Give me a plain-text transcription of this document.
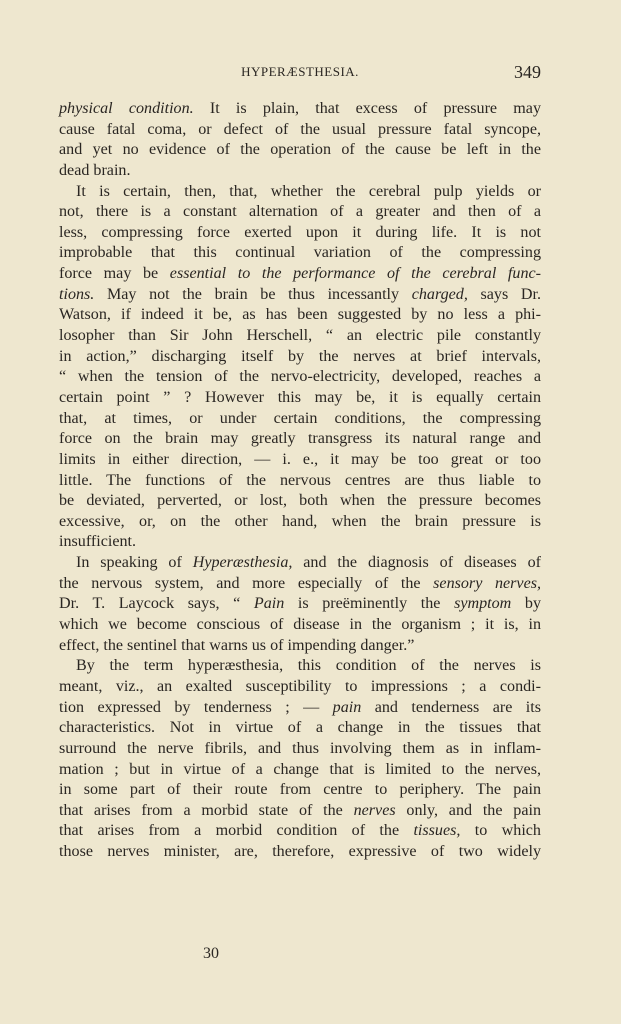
HYPERÆSTHESIA.	349
physical condition. It is plain, that excess of pressure may
cause fatal coma, or defect of the usual pressure fatal syncope,
and yet no evidence of the operation of the cause be left in the
dead brain.
It is certain, then, that, whether the cerebral pulp yields or
not, there is a constant alternation of a greater and then of a
less, compressing force exerted upon it during life. It is not
improbable that this continual variation of the compressing
force may be essential to the performance of the cerebral func-
tions. May not the brain be thus incessantly charged, says Dr.
Watson, if indeed it be, as has been suggested by no less a phi-
losopher than Sir John Herschell, “ an electric pile constantly
in action,” discharging itself by the nerves at brief intervals,
“ when the tension of the nervo-electricity, developed, reaches a
certain point ” ? However this may be, it is equally certain
that, at times, or under certain conditions, the compressing
force on the brain may greatly transgress its natural range and
limits in either direction, — i. e., it may be too great or too
little. The functions of the nervous centres are thus liable to
be deviated, perverted, or lost, both when the pressure becomes
excessive, or, on the other hand, when the brain pressure is
insufficient.
In speaking of Hyperæsthesia, and the diagnosis of diseases of
the nervous system, and more especially of the sensory nerves,
Dr. T. Laycock says, “ Pain is preëminently the symptom by
which we become conscious of disease in the organism ; it is, in
effect, the sentinel that warns us of impending danger.”
By the term hyperæsthesia, this condition of the nerves is
meant, viz., an exalted susceptibility to impressions ; a condi-
tion expressed by tenderness ; — pain and tenderness are its
characteristics. Not in virtue of a change in the tissues that
surround the nerve fibrils, and thus involving them as in inflam-
mation ; but in virtue of a change that is limited to the nerves,
in some part of their route from centre to periphery. The pain
that arises from a morbid state of the nerves only, and the pain
that arises from a morbid condition of the tissues, to which
those nerves minister, are, therefore, expressive of two widely
30
